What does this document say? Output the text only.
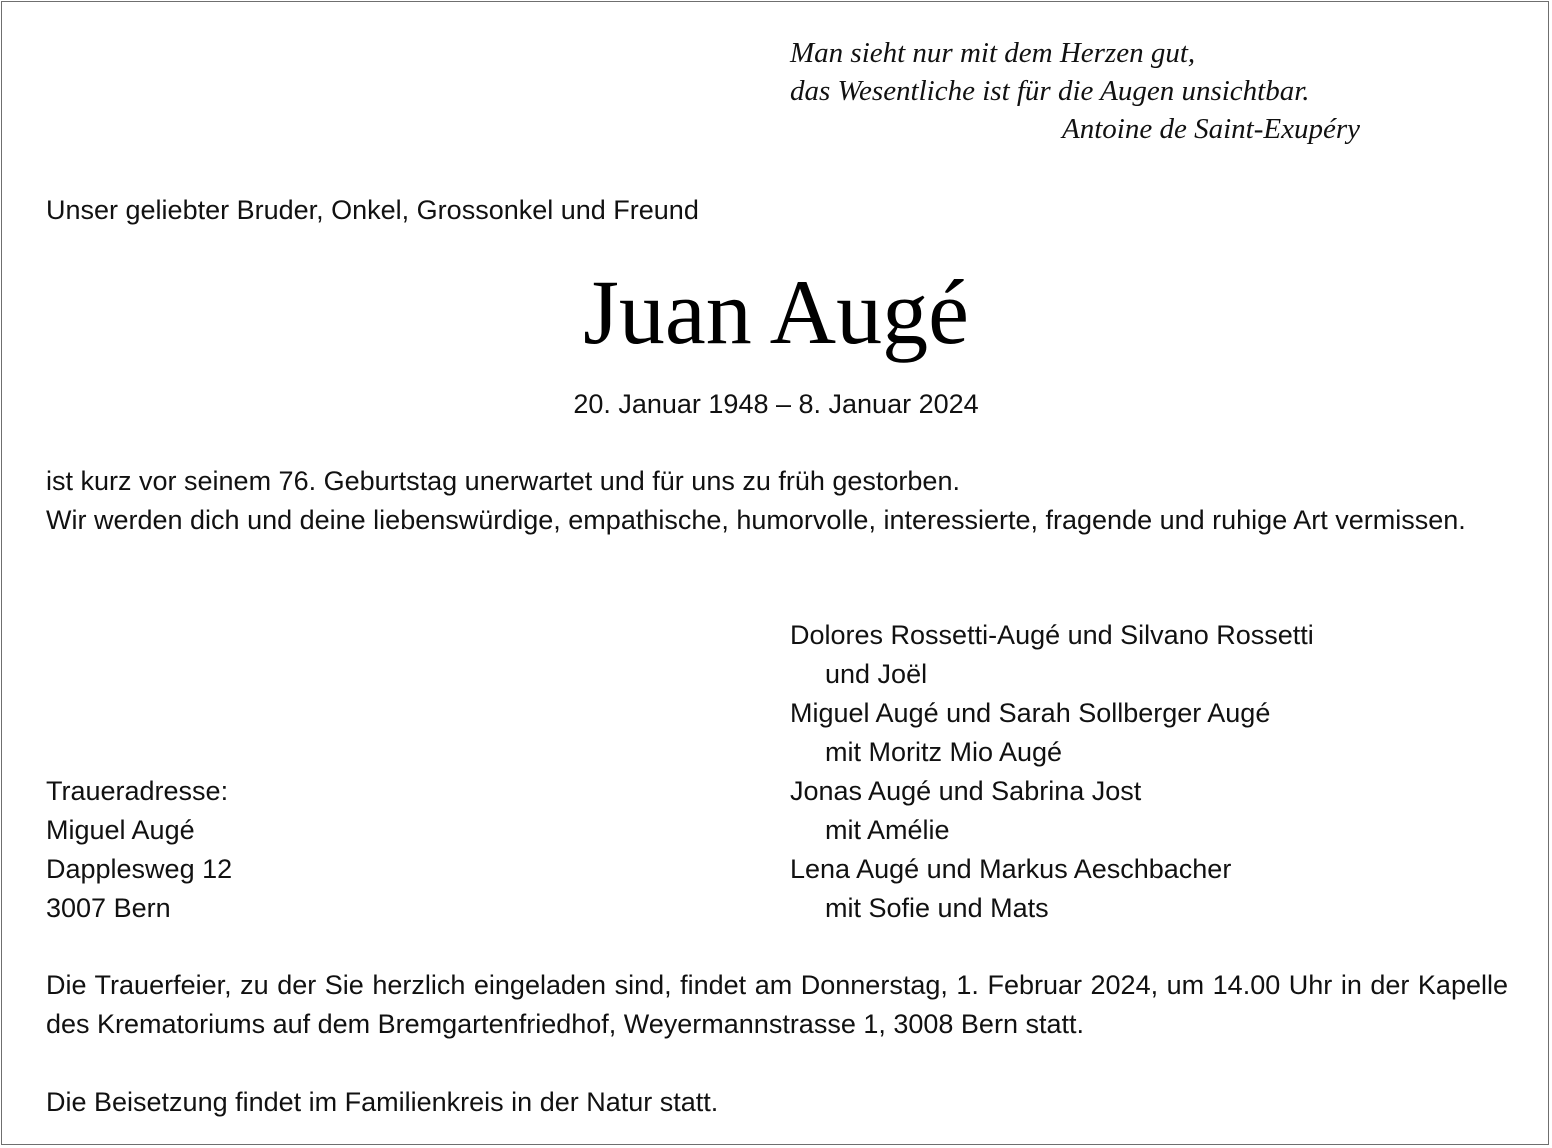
Man sieht nur mit dem Herzen gut,
das Wesentliche ist für die Augen unsichtbar.
Antoine de Saint-Exupéry
Unser geliebter Bruder, Onkel, Grossonkel und Freund
Juan Augé
20. Januar 1948 – 8. Januar 2024
ist kurz vor seinem 76. Geburtstag unerwartet und für uns zu früh gestorben.
Wir werden dich und deine liebenswürdige, empathische, humorvolle, interessierte, fragende und ruhige Art vermissen.
Dolores Rossetti-Augé und Silvano Rossetti
und Joël
Miguel Augé und Sarah Sollberger Augé
mit Moritz Mio Augé
Jonas Augé und Sabrina Jost
mit Amélie
Lena Augé und Markus Aeschbacher
mit Sofie und Mats
Traueradresse:
Miguel Augé
Dapplesweg 12
3007 Bern
Die Trauerfeier, zu der Sie herzlich eingeladen sind, findet am Donnerstag, 1. Februar 2024, um 14.00 Uhr in der Kapelle des Krematoriums auf dem Bremgartenfriedhof, Weyermannstrasse 1, 3008 Bern statt.
Die Beisetzung findet im Familienkreis in der Natur statt.
